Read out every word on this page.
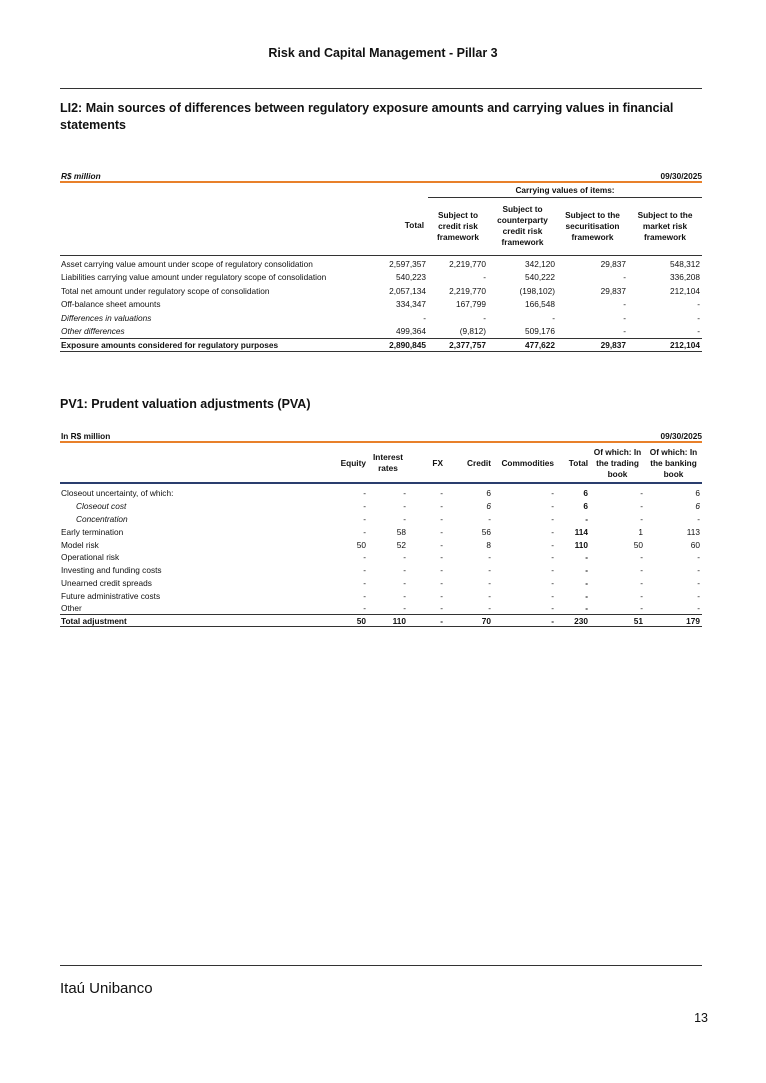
Risk and Capital Management - Pillar 3
LI2: Main sources of differences between regulatory exposure amounts and carrying values in financial statements
R$ million	09/30/2025
		Carrying values of items:			
	Total	Subject to credit risk framework	Subject to counterparty credit risk framework	Subject to the securitisation framework	Subject to the market risk framework

Asset carrying value amount under scope of regulatory consolidation	2,597,357	2,219,770	342,120	29,837	548,312
Liabilities carrying value amount under regulatory scope of consolidation	540,223	-	540,222	-	336,208
Total net amount under regulatory scope of consolidation	2,057,134	2,219,770	(198,102)	29,837	212,104
Off-balance sheet amounts	334,347	167,799	166,548	-	-
Differences in valuations	-	-	-	-	-
Other differences	499,364	(9,812)	509,176	-	-
Exposure amounts considered for regulatory purposes	2,890,845	2,377,757	477,622	29,837	212,104
PV1: Prudent valuation adjustments (PVA)
In R$ million	09/30/2025
	Equity	Interest rates	FX	Credit	Commodities	Total	Of which: In the trading book	Of which: In the banking book

Closeout uncertainty, of which:	-	-	-	6	-	6	-	6
Closeout cost	-	-	-	6	-	6	-	6
Concentration	-	-	-	-	-	-	-	-
Early termination	-	58	-	56	-	114	1	113
Model risk	50	52	-	8	-	110	50	60
Operational risk	-	-	-	-	-	-	-	-
Investing and funding costs	-	-	-	-	-	-	-	-
Unearned credit spreads	-	-	-	-	-	-	-	-
Future administrative costs	-	-	-	-	-	-	-	-
Other	-	-	-	-	-	-	-	-
Total adjustment	50	110	-	70	-	230	51	179
Itaú Unibanco
13
